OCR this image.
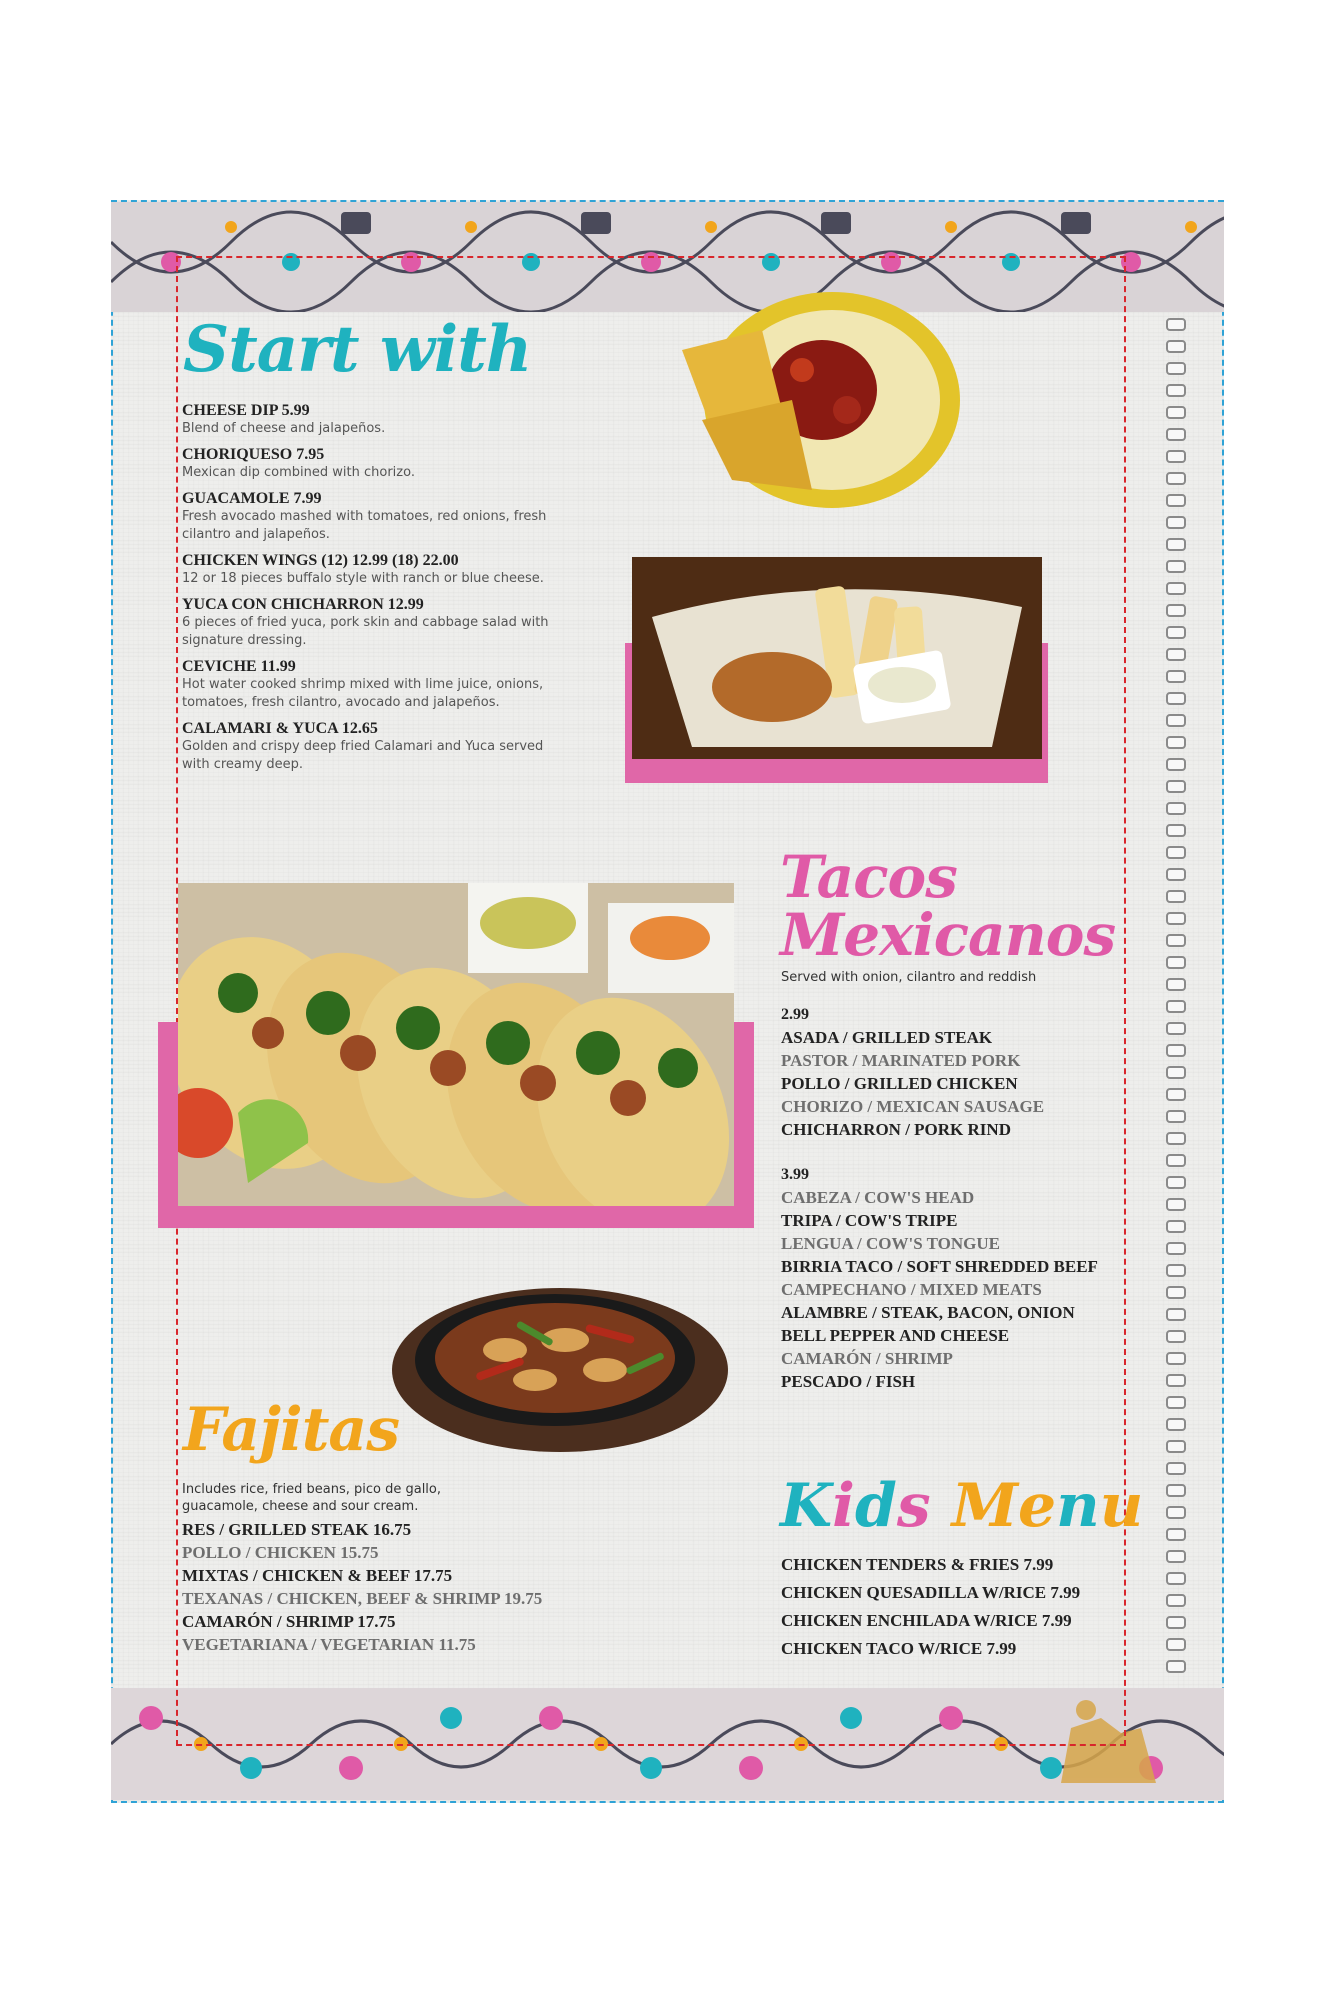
Start with
CHEESE DIP 5.99
Blend of cheese and jalapeños.
CHORIQUESO 7.95
Mexican dip combined with chorizo.
GUACAMOLE 7.99
Fresh avocado mashed with tomatoes, red onions, fresh cilantro and jalapeños.
CHICKEN WINGS (12) 12.99 (18) 22.00
12 or 18 pieces buffalo style with ranch or blue cheese.
YUCA CON CHICHARRON 12.99
6 pieces of fried yuca, pork skin and cabbage salad with signature dressing.
CEVICHE 11.99
Hot water cooked shrimp mixed with lime juice, onions, tomatoes, fresh cilantro, avocado and jalapeños.
CALAMARI & YUCA 12.65
Golden and crispy deep fried Calamari and Yuca served with creamy deep.
Tacos
Mexicanos
Served with onion, cilantro and reddish
2.99
ASADA / GRILLED STEAK
PASTOR / MARINATED PORK
POLLO / GRILLED CHICKEN
CHORIZO / MEXICAN SAUSAGE
CHICHARRON / PORK RIND
3.99
CABEZA / COW'S HEAD
TRIPA / COW'S TRIPE
LENGUA / COW'S TONGUE
BIRRIA TACO / SOFT SHREDDED BEEF
CAMPECHANO / MIXED MEATS
ALAMBRE / STEAK, BACON, ONION
BELL PEPPER AND CHEESE
CAMARÓN / SHRIMP
PESCADO / FISH
Fajitas
Includes rice, fried beans, pico de gallo, guacamole, cheese and sour cream.
RES / GRILLED STEAK 16.75
POLLO / CHICKEN 15.75
MIXTAS / CHICKEN & BEEF 17.75
TEXANAS / CHICKEN, BEEF & SHRIMP 19.75
CAMARÓN / SHRIMP 17.75
VEGETARIANA / VEGETARIAN 11.75
Kids Menu
CHICKEN TENDERS & FRIES 7.99
CHICKEN QUESADILLA W/RICE 7.99
CHICKEN ENCHILADA W/RICE 7.99
CHICKEN TACO W/RICE 7.99
